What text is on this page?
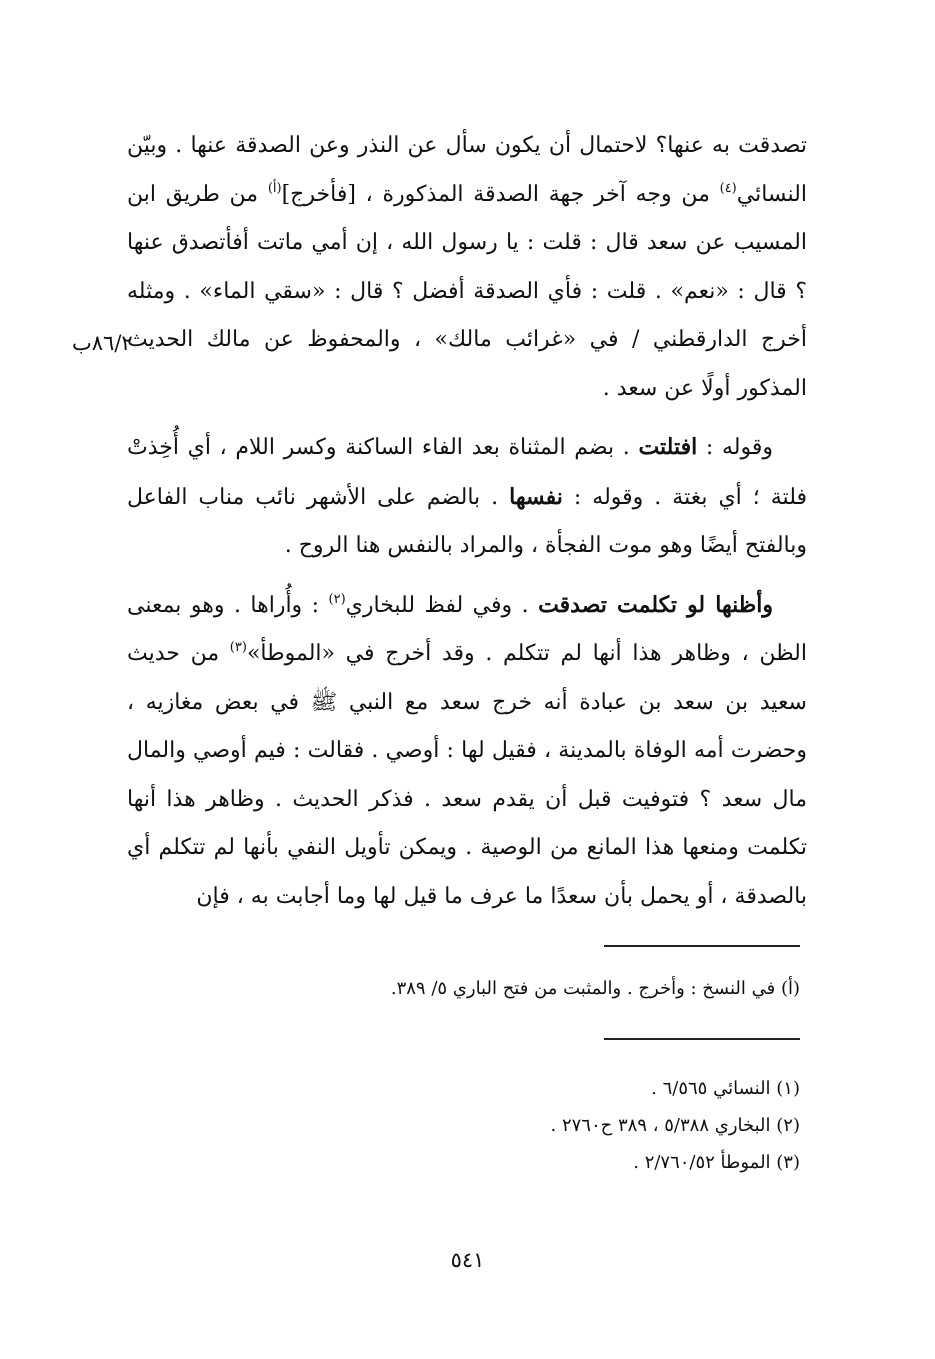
تصدقت به عنها؟ لاحتمال أن يكون سأل عن النذر وعن الصدقة عنها . وبيّن النسائي$^{(٤)}$ من وجه آخر جهة الصدقة المذكورة ، [فأخرج]$^{(أ)}$ من طريق ابن المسيب عن سعد قال : قلت : يا رسول الله ، إن أمي ماتت أفأتصدق عنها ؟ قال : «نعم» . قلت : فأي الصدقة أفضل ؟ قال : «سقي الماء» . ومثله أخرج الدارقطني / في «غرائب مالك» ، والمحفوظ عن مالك الحديث المذكور أولًا عن سعد .

وقوله : افتلتت . بضم المثناة بعد الفاء الساكنة وكسر اللام ، أي أُخِذتْ فلتة ؛ أي بغتة . وقوله : نفسها . بالضم على الأشهر نائب مناب الفاعل وبالفتح أيضًا وهو موت الفجأة ، والمراد بالنفس هنا الروح .

وأظنها لو تكلمت تصدقت . وفي لفظ للبخاري$^{(٢)}$ : وأُراها . وهو بمعنى الظن ، وظاهر هذا أنها لم تتكلم . وقد أخرج في «الموطأ»$^{(٣)}$ من حديث سعيد بن سعد بن عبادة أنه خرج سعد مع النبي ﷺ في بعض مغازيه ، وحضرت أمه الوفاة بالمدينة ، فقيل لها : أوصي . فقالت : فيم أوصي والمال مال سعد ؟ فتوفيت قبل أن يقدم سعد . فذكر الحديث . وظاهر هذا أنها تكلمت ومنعها هذا المانع من الوصية . ويمكن تأويل النفي بأنها لم تتكلم أي بالصدقة ، أو يحمل بأن سعدًا ما عرف ما قيل لها وما أجابت به ، فإن

٨٦/٢ب
(أ) في النسخ : وأخرج . والمثبت من فتح الباري ٥/ ٣٨٩.

(١) النسائي ٦/٥٦٥ .

(٢) البخاري ٥/٣٨٨ ، ٣٨٩ ح٢٧٦٠ .

(٣) الموطأ ٢/٧٦٠/٥٢ .

٥٤١
